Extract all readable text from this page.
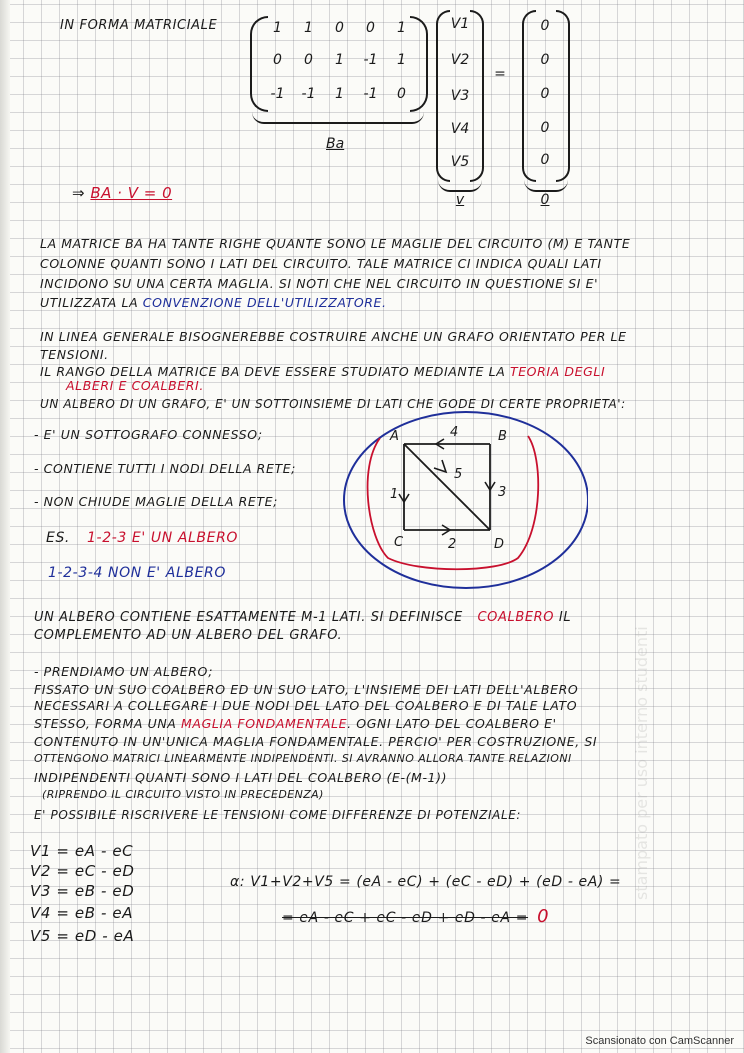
IN FORMA MATRICIALE	1 1 0 0 1
0 0 1 -1 1
-1 -1 1 -1 0
Ba
V1
V2
V3
V4
V5
v
=
0
0
0
0
0
0
⇒ BA · V = 0
LA MATRICE BA HA TANTE RIGHE QUANTE SONO LE MAGLIE DEL CIRCUITO (M) E TANTE
COLONNE QUANTI SONO I LATI DEL CIRCUITO. TALE MATRICE CI INDICA QUALI LATI
INCIDONO SU UNA CERTA MAGLIA. SI NOTI CHE NEL CIRCUITO IN QUESTIONE SI E'
UTILIZZATA LA CONVENZIONE DELL'UTILIZZATORE.
IN LINEA GENERALE BISOGNEREBBE COSTRUIRE ANCHE UN GRAFO ORIENTATO PER LE
TENSIONI.
IL RANGO DELLA MATRICE BA DEVE ESSERE STUDIATO MEDIANTE LA TEORIA DEGLI
ALBERI E COALBERI.
UN ALBERO DI UN GRAFO, E' UN SOTTOINSIEME DI LATI CHE GODE DI CERTE PROPRIETA':
- E' UN SOTTOGRAFO CONNESSO;
- CONTIENE TUTTI I NODI DELLA RETE;
- NON CHIUDE MAGLIE DELLA RETE;
ES. 1-2-3 E' UN ALBERO
1-2-3-4 NON E' ALBERO
A	B
C	D
1
2
3
4
5
UN ALBERO CONTIENE ESATTAMENTE M-1 LATI. SI DEFINISCE COALBERO IL
COMPLEMENTO AD UN ALBERO DEL GRAFO.
- PRENDIAMO UN ALBERO;
FISSATO UN SUO COALBERO ED UN SUO LATO, L'INSIEME DEI LATI DELL'ALBERO
NECESSARI A COLLEGARE I DUE NODI DEL LATO DEL COALBERO E DI TALE LATO
STESSO, FORMA UNA MAGLIA FONDAMENTALE. OGNI LATO DEL COALBERO E'
CONTENUTO IN UN'UNICA MAGLIA FONDAMENTALE. PERCIO' PER COSTRUZIONE, SI
OTTENGONO MATRICI LINEARMENTE INDIPENDENTI. SI AVRANNO ALLORA TANTE RELAZIONI
INDIPENDENTI QUANTI SONO I LATI DEL COALBERO (E-(M-1))
(RIPRENDO IL CIRCUITO VISTO IN PRECEDENZA)
E' POSSIBILE RISCRIVERE LE TENSIONI COME DIFFERENZE DI POTENZIALE:
V1 = eA - eC
V2 = eC - eD
V3 = eB - eD
V4 = eB - eA
V5 = eD - eA
α: V1+V2+V5 = (eA - eC) + (eC - eD) + (eD - eA) =
= eA - eC + eC - eD + eD - eA = 0
stampato per uso interno studenti
Scansionato con CamScanner
